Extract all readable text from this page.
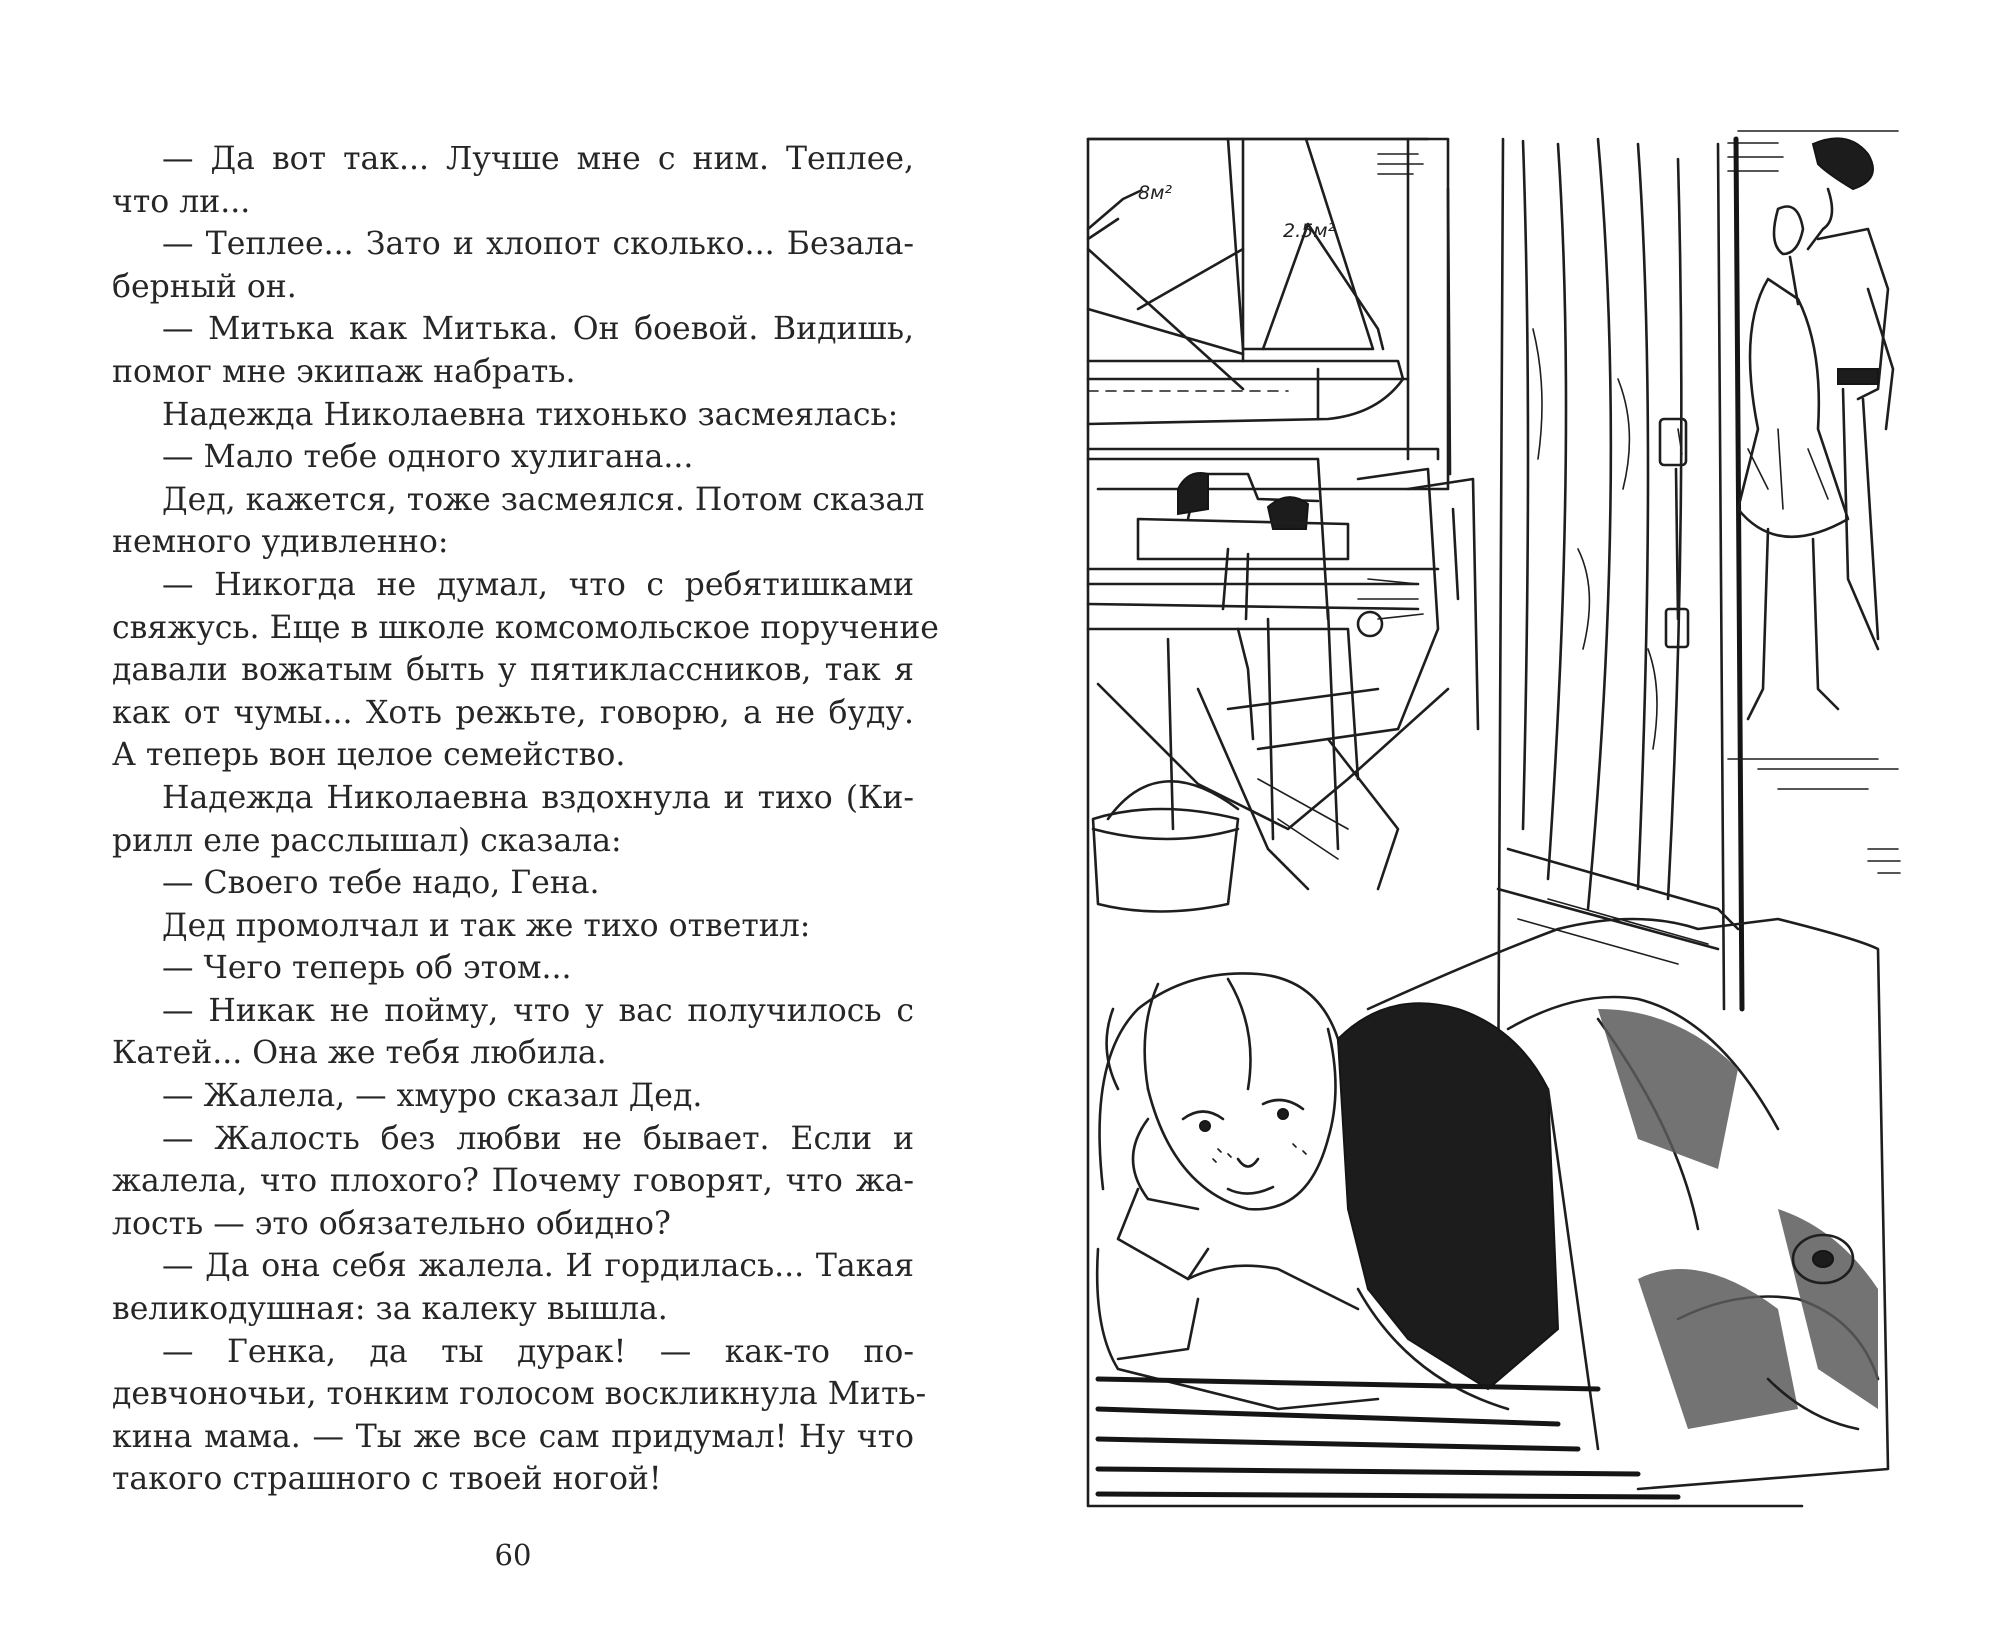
— Да вот так... Лучше мне с ним. Теплее,
что ли...
— Теплее... Зато и хлопот сколько... Безала-
берный он.
— Митька как Митька. Он боевой. Видишь,
помог мне экипаж набрать.
Надежда Николаевна тихонько засмеялась:
— Мало тебе одного хулигана...
Дед, кажется, тоже засмеялся. Потом сказал
немного удивленно:
— Никогда не думал, что с ребятишками
свяжусь. Еще в школе комсомольское поручение
давали вожатым быть у пятиклассников, так я
как от чумы... Хоть режьте, говорю, а не буду.
А теперь вон целое семейство.
Надежда Николаевна вздохнула и тихо (Ки-
рилл еле расслышал) сказала:
— Своего тебе надо, Гена.
Дед промолчал и так же тихо ответил:
— Чего теперь об этом...
— Никак не пойму, что у вас получилось с
Катей... Она же тебя любила.
— Жалела, — хмуро сказал Дед.
— Жалость без любви не бывает. Если и
жалела, что плохого? Почему говорят, что жа-
лость — это обязательно обидно?
— Да она себя жалела. И гордилась... Такая
великодушная: за калеку вышла.
— Генка, да ты дурак! — как-то по-
девчоночьи, тонким голосом воскликнула Мить-
кина мама. — Ты же все сам придумал! Ну что
такого страшного с твоей ногой!
60
8м²
2.5м²
